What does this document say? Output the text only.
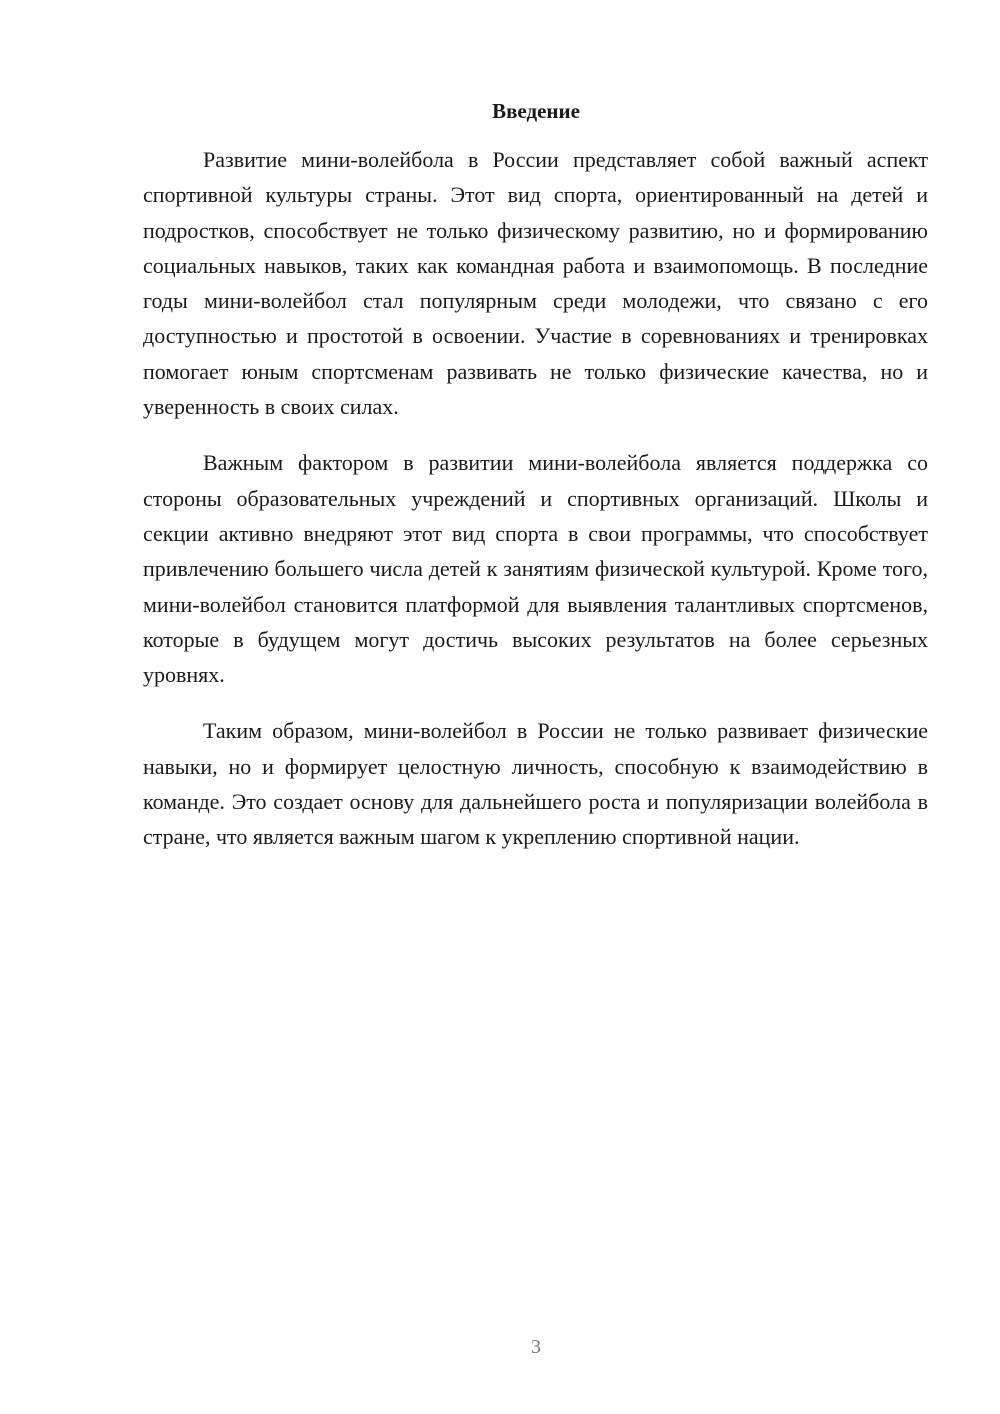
Введение

Развитие мини-волейбола в России представляет собой важный аспект спортивной культуры страны. Этот вид спорта, ориентированный на детей и подростков, способствует не только физическому развитию, но и формированию социальных навыков, таких как командная работа и взаимопомощь. В последние годы мини-волейбол стал популярным среди молодежи, что связано с его доступностью и простотой в освоении. Участие в соревнованиях и тренировках помогает юным спортсменам развивать не только физические качества, но и уверенность в своих силах.

Важным фактором в развитии мини-волейбола является поддержка со стороны образовательных учреждений и спортивных организаций. Школы и секции активно внедряют этот вид спорта в свои программы, что способствует привлечению большего числа детей к занятиям физической культурой. Кроме того, мини-волейбол становится платформой для выявления талантливых спортсменов, которые в будущем могут достичь высоких результатов на более серьезных уровнях.

Таким образом, мини-волейбол в России не только развивает физические навыки, но и формирует целостную личность, способную к взаимодействию в команде. Это создает основу для дальнейшего роста и популяризации волейбола в стране, что является важным шагом к укреплению спортивной нации.

3
